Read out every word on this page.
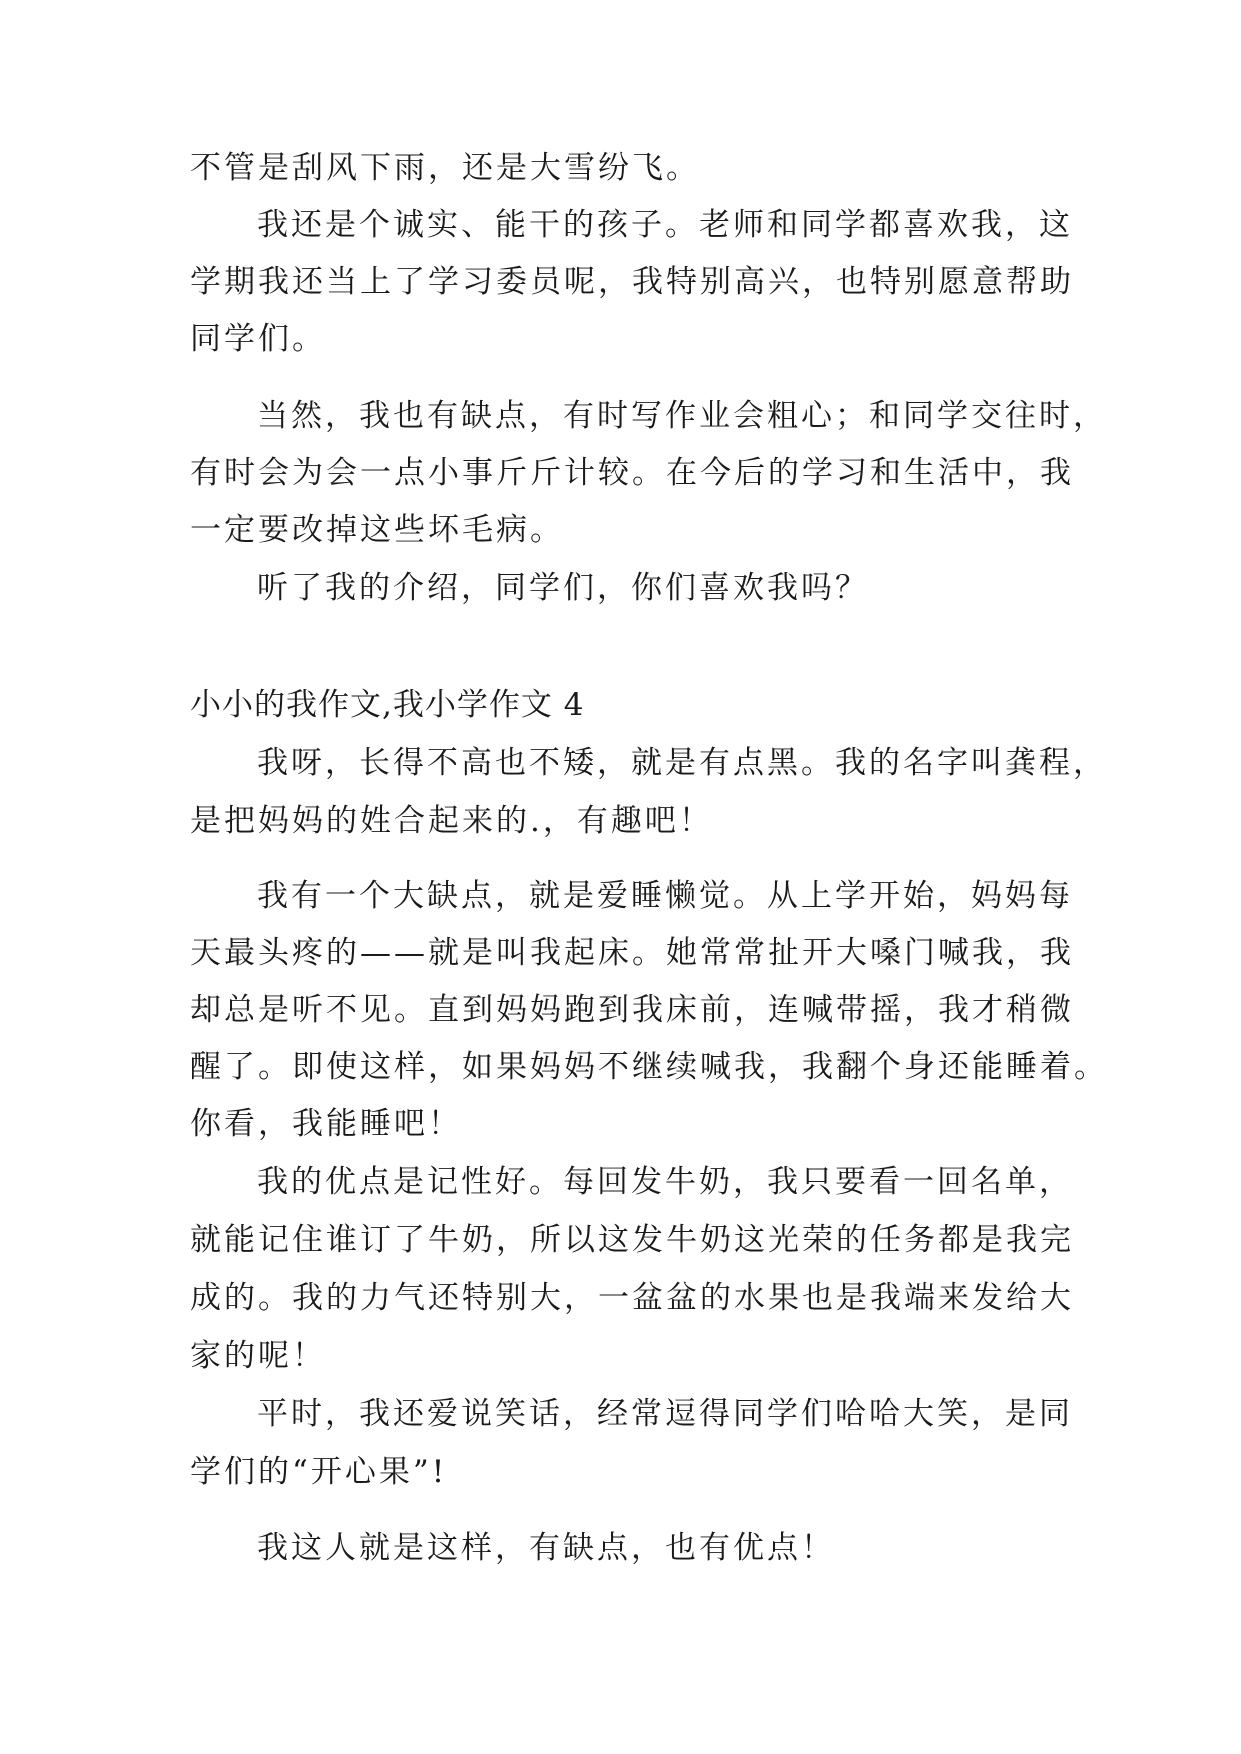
不管是刮风下雨，还是大雪纷飞。
我还是个诚实、能干的孩子。老师和同学都喜欢我，这
学期我还当上了学习委员呢，我特别高兴，也特别愿意帮助
同学们。
当然，我也有缺点，有时写作业会粗心；和同学交往时，
有时会为会一点小事斤斤计较。在今后的学习和生活中，我
一定要改掉这些坏毛病。
听了我的介绍，同学们，你们喜欢我吗？
小小的我作文,我小学作文 4
我呀，长得不高也不矮，就是有点黑。我的名字叫龚程，
是把妈妈的姓合起来的.，有趣吧！
我有一个大缺点，就是爱睡懒觉。从上学开始，妈妈每
天最头疼的——就是叫我起床。她常常扯开大嗓门喊我，我
却总是听不见。直到妈妈跑到我床前，连喊带摇，我才稍微
醒了。即使这样，如果妈妈不继续喊我，我翻个身还能睡着。
你看，我能睡吧！
我的优点是记性好。每回发牛奶，我只要看一回名单，
就能记住谁订了牛奶，所以这发牛奶这光荣的任务都是我完
成的。我的力气还特别大，一盆盆的水果也是我端来发给大
家的呢！
平时，我还爱说笑话，经常逗得同学们哈哈大笑，是同
学们的“开心果”!
我这人就是这样，有缺点，也有优点！
